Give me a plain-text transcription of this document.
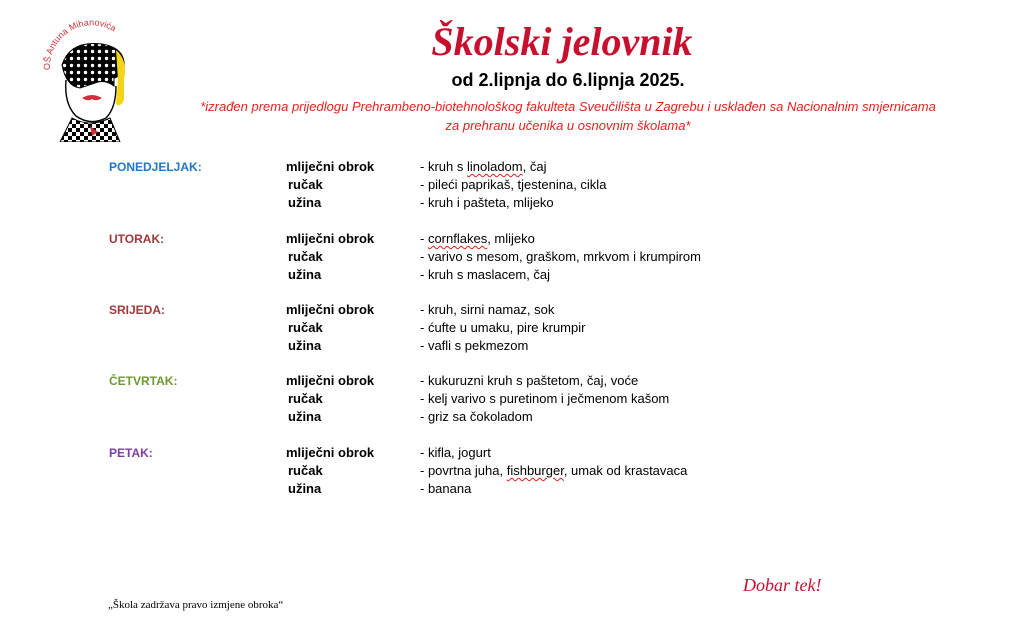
OŠ Antuna Mihanovića	Školski jelovnik
od 2.lipnja do 6.lipnja 2025.
*izrađen prema prijedlogu Prehrambeno-biotehnološkog fakulteta Sveučilišta u Zagrebu i usklađen sa Nacionalnim smjernicama
za prehranu učenika u osnovnim školama*
PONEDJELJAK:	mliječni obrok	- kruh s linoladom, čaj
ručak	- pileći paprikaš, tjestenina, cikla
užina	- kruh i pašteta, mlijeko
UTORAK:	mliječni obrok	- cornflakes, mlijeko
ručak	- varivo s mesom, graškom, mrkvom i krumpirom
užina	- kruh s maslacem, čaj
SRIJEDA:	mliječni obrok	- kruh, sirni namaz, sok
ručak	- ćufte u umaku, pire krumpir
užina	- vafli s pekmezom
ČETVRTAK:	mliječni obrok	- kukuruzni kruh s paštetom, čaj, voće
ručak	- kelj varivo s puretinom i ječmenom kašom
užina	- griz sa čokoladom
PETAK:	mliječni obrok	- kifla, jogurt
ručak	- povrtna juha, fishburger, umak od krastavaca
užina	- banana
Dobar tek!
„Škola zadržava pravo izmjene obroka“
